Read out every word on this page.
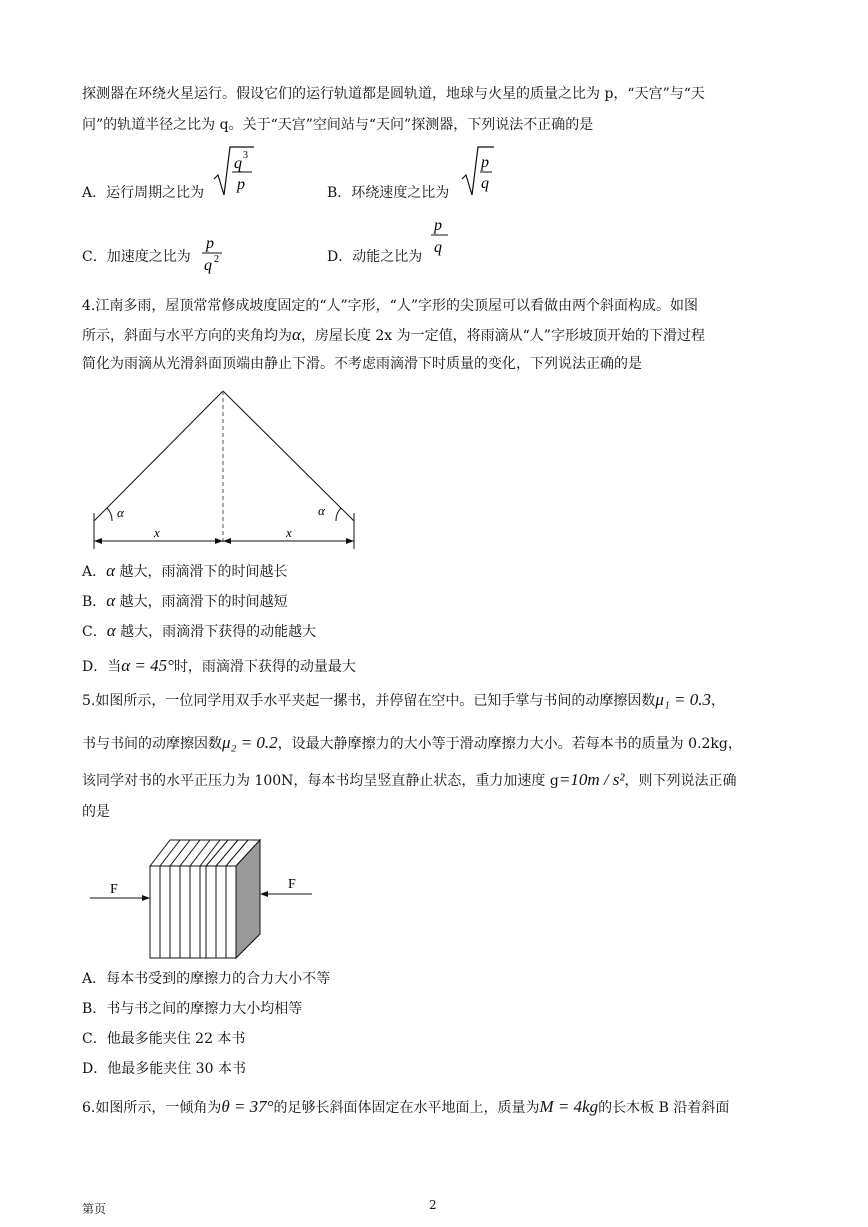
探测器在环绕火星运行。假设它们的运行轨道都是圆轨道，地球与火星的质量之比为 p，“天宫”与“天
问”的轨道半径之比为 q。关于“天宫”空间站与“天问”探测器，下列说法不正确的是
A．运行周期之比为
q 3
p	B．环绕速度之比为
p
q
C．加速度之比为
p
q 2	D．动能之比为
p
q
4.江南多雨，屋顶常常修成坡度固定的“人”字形，“人”字形的尖顶屋可以看做由两个斜面构成。如图
所示，斜面与水平方向的夹角均为α，房屋长度 2x 为一定值，将雨滴从“人”字形坡顶开始的下滑过程
简化为雨滴从光滑斜面顶端由静止下滑。不考虑雨滴滑下时质量的变化，下列说法正确的是
α	α
x	x
A．α 越大，雨滴滑下的时间越长
B．α 越大，雨滴滑下的时间越短
C．α 越大，雨滴滑下获得的动能越大
D．当α = 45°时，雨滴滑下获得的动量最大
5.如图所示，一位同学用双手水平夹起一摞书，并停留在空中。已知手掌与书间的动摩擦因数μ₁ = 0.3，
书与书间的动摩擦因数μ₂ = 0.2，设最大静摩擦力的大小等于滑动摩擦力大小。若每本书的质量为 0.2kg，
该同学对书的水平正压力为 100N，每本书均呈竖直静止状态，重力加速度 g=10m / s²，则下列说法正确
的是
F	F
A．每本书受到的摩擦力的合力大小不等
B．书与书之间的摩擦力大小均相等
C．他最多能夹住 22 本书
D．他最多能夹住 30 本书
6.如图所示，一倾角为θ = 37°的足够长斜面体固定在水平地面上，质量为M = 4kg的长木板 B 沿着斜面
第页	2
